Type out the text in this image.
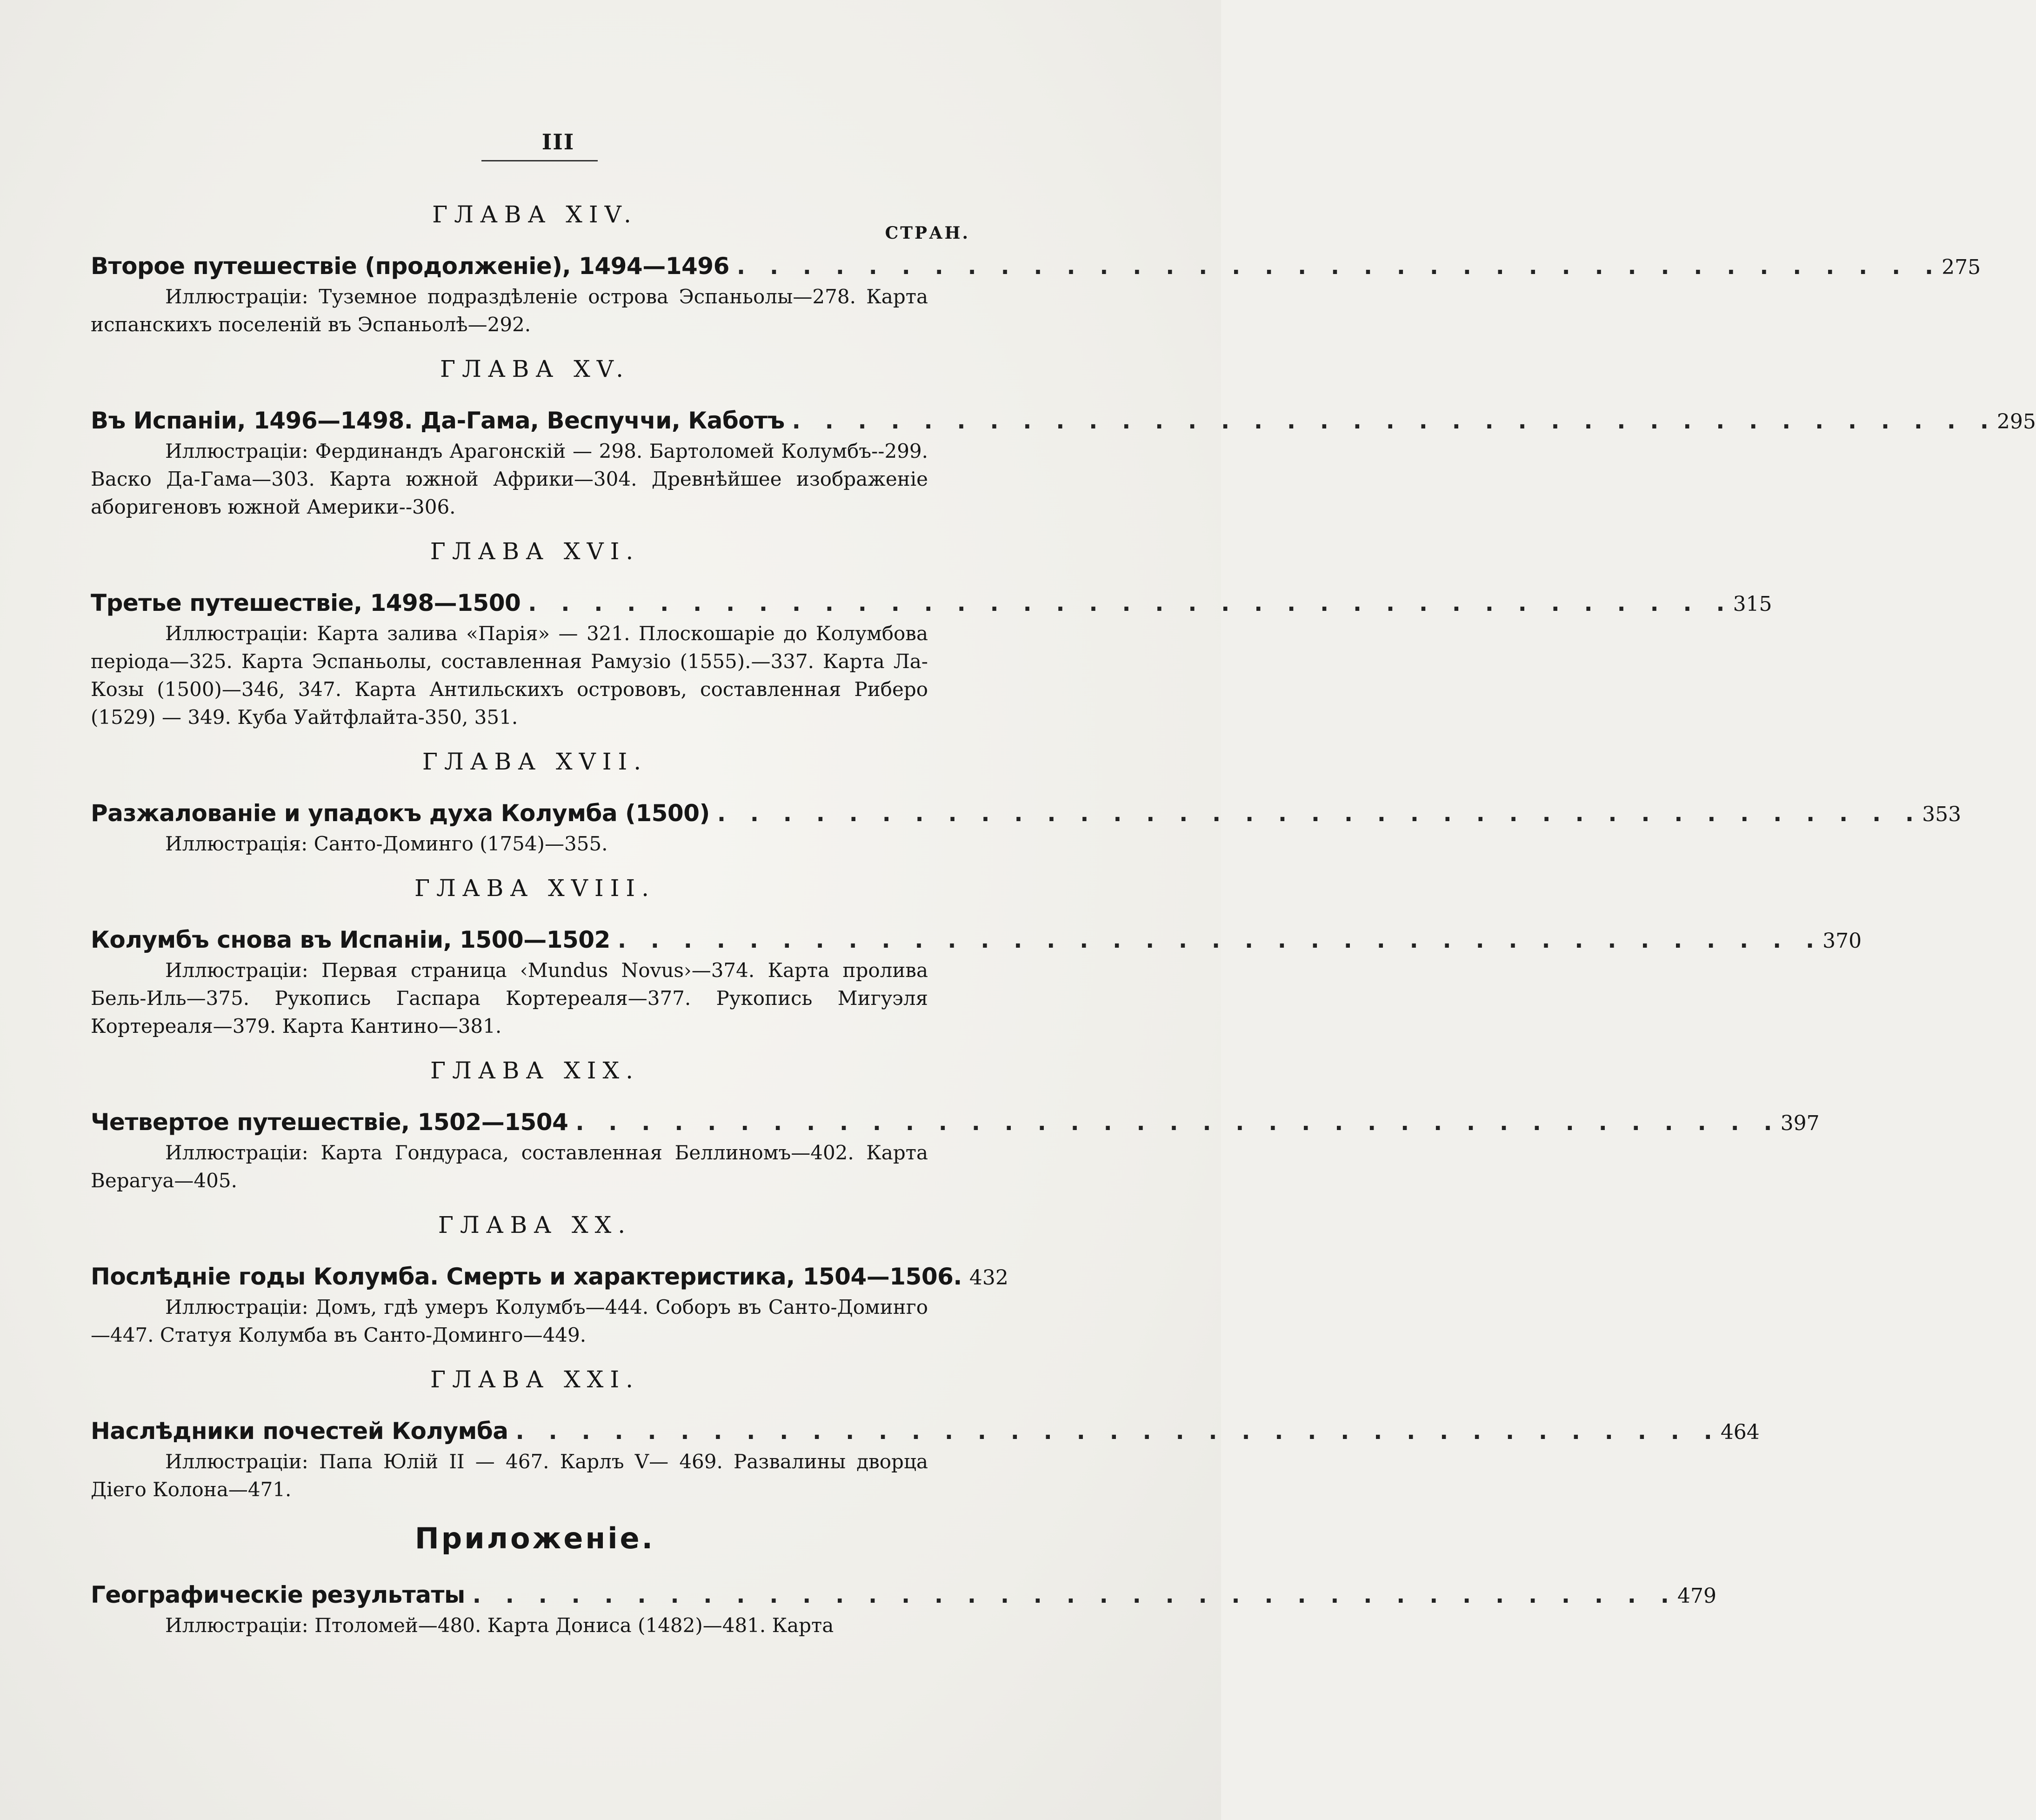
III
СТРАН.
ГЛАВА XIV.
Второе путешествіе (продолженіе), 1494—1496 . . . . . . . . . . . . . . . . . . . . . . . . . . . . . . . . . . . . . 275
Иллюстраціи: Туземное подраздѣленіе острова Эспаньолы—278. Карта испанскихъ поселеній въ Эспаньолѣ—292.
ГЛАВА XV.
Въ Испаніи, 1496—1498. Да-Гама, Веспуччи, Каботъ . . . . . . . . . . . . . . . . . . . . . . . . . . . . . . . . . . . . . 295
Иллюстраціи: Фердинандъ Арагонскій — 298. Бартоломей Колумбъ--299. Васко Да-Гама—303. Карта южной Африки—304. Древнѣйшее изображеніе аборигеновъ южной Америки--306.
ГЛАВА XVI.
Третье путешествіе, 1498—1500 . . . . . . . . . . . . . . . . . . . . . . . . . . . . . . . . . . . . . 315
Иллюстраціи: Карта залива «Парія» — 321. Плоскошаріе до Колумбова періода—325. Карта Эспаньолы, составленная Рамузіо (1555).—337. Карта Ла-Козы (1500)—346, 347. Карта Антильскихъ острововъ, составленная Риберо (1529) — 349. Куба Уайтфлайта-350, 351.
ГЛАВА XVII.
Разжалованіе и упадокъ духа Колумба (1500) . . . . . . . . . . . . . . . . . . . . . . . . . . . . . . . . . . . . . 353
Иллюстрація: Санто-Доминго (1754)—355.
ГЛАВА XVIII.
Колумбъ снова въ Испаніи, 1500—1502 . . . . . . . . . . . . . . . . . . . . . . . . . . . . . . . . . . . . . 370
Иллюстраціи: Первая страница ‹Mundus Novus›—374. Карта пролива Бель-Иль—375. Рукопись Гаспара Кортереаля—377. Рукопись Мигуэля Кортереаля—379. Карта Кантино—381.
ГЛАВА XIX.
Четвертое путешествіе, 1502—1504 . . . . . . . . . . . . . . . . . . . . . . . . . . . . . . . . . . . . . 397
Иллюстраціи: Карта Гондураса, составленная Беллиномъ—402. Карта Верагуа—405.
ГЛАВА XX.
Послѣдніе годы Колумба. Смерть и характеристика, 1504—1506. 432
Иллюстраціи: Домъ, гдѣ умеръ Колумбъ—444. Соборъ въ Санто-Доминго—447. Статуя Колумба въ Санто-Доминго—449.
ГЛАВА XXI.
Наслѣдники почестей Колумба . . . . . . . . . . . . . . . . . . . . . . . . . . . . . . . . . . . . . 464
Иллюстраціи: Папа Юлій II — 467. Карлъ V— 469. Развалины дворца Діего Колона—471.
Приложеніе.
Географическіе результаты . . . . . . . . . . . . . . . . . . . . . . . . . . . . . . . . . . . . . 479
Иллюстраціи: Птоломей—480. Карта Дониса (1482)—481. Карта
